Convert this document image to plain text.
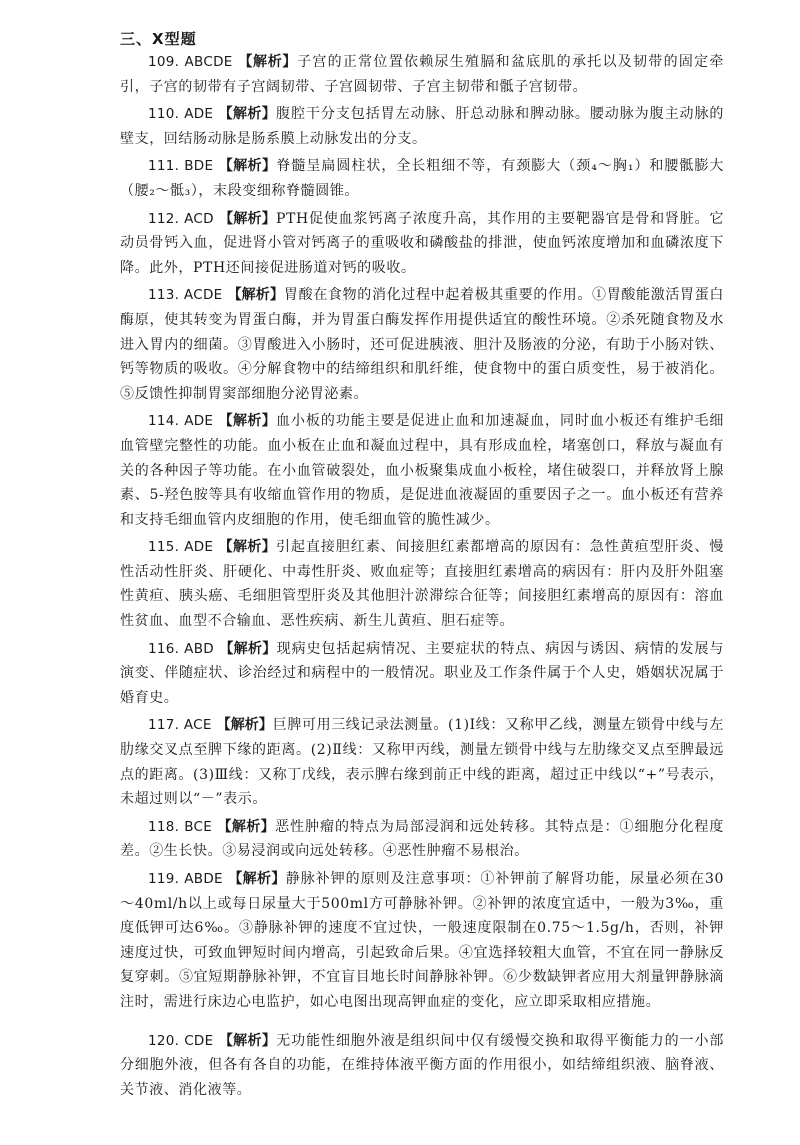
三、X型题

109. ABCDE 【解析】子宫的正常位置依赖尿生殖膈和盆底肌的承托以及韧带的固定牵引，子宫的韧带有子宫阔韧带、子宫圆韧带、子宫主韧带和骶子宫韧带。

110. ADE 【解析】腹腔干分支包括胃左动脉、肝总动脉和脾动脉。腰动脉为腹主动脉的壁支，回结肠动脉是肠系膜上动脉发出的分支。

111. BDE 【解析】脊髓呈扁圆柱状，全长粗细不等，有颈膨大（颈₄～胸₁）和腰骶膨大（腰₂～骶₃），末段变细称脊髓圆锥。

112. ACD 【解析】PTH促使血浆钙离子浓度升高，其作用的主要靶器官是骨和肾脏。它动员骨钙入血，促进肾小管对钙离子的重吸收和磷酸盐的排泄，使血钙浓度增加和血磷浓度下降。此外，PTH还间接促进肠道对钙的吸收。

113. ACDE 【解析】胃酸在食物的消化过程中起着极其重要的作用。①胃酸能激活胃蛋白酶原，使其转变为胃蛋白酶，并为胃蛋白酶发挥作用提供适宜的酸性环境。②杀死随食物及水进入胃内的细菌。③胃酸进入小肠时，还可促进胰液、胆汁及肠液的分泌，有助于小肠对铁、钙等物质的吸收。④分解食物中的结缔组织和肌纤维，使食物中的蛋白质变性，易于被消化。⑤反馈性抑制胃窦部细胞分泌胃泌素。

114. ADE 【解析】血小板的功能主要是促进止血和加速凝血，同时血小板还有维护毛细血管壁完整性的功能。血小板在止血和凝血过程中，具有形成血栓，堵塞创口，释放与凝血有关的各种因子等功能。在小血管破裂处，血小板聚集成血小板栓，堵住破裂口，并释放肾上腺素、5-羟色胺等具有收缩血管作用的物质，是促进血液凝固的重要因子之一。血小板还有营养和支持毛细血管内皮细胞的作用，使毛细血管的脆性减少。

115. ADE 【解析】引起直接胆红素、间接胆红素都增高的原因有：急性黄疸型肝炎、慢性活动性肝炎、肝硬化、中毒性肝炎、败血症等；直接胆红素增高的病因有：肝内及肝外阻塞性黄疸、胰头癌、毛细胆管型肝炎及其他胆汁淤滞综合征等；间接胆红素增高的原因有：溶血性贫血、血型不合输血、恶性疾病、新生儿黄疸、胆石症等。

116. ABD 【解析】现病史包括起病情况、主要症状的特点、病因与诱因、病情的发展与演变、伴随症状、诊治经过和病程中的一般情况。职业及工作条件属于个人史，婚姻状况属于婚育史。

117. ACE 【解析】巨脾可用三线记录法测量。(1)Ⅰ线：又称甲乙线，测量左锁骨中线与左肋缘交叉点至脾下缘的距离。(2)Ⅱ线：又称甲丙线，测量左锁骨中线与左肋缘交叉点至脾最远点的距离。(3)Ⅲ线：又称丁戊线，表示脾右缘到前正中线的距离，超过正中线以“+”号表示，未超过则以“－”表示。

118. BCE 【解析】恶性肿瘤的特点为局部浸润和远处转移。其特点是：①细胞分化程度差。②生长快。③易浸润或向远处转移。④恶性肿瘤不易根治。

119. ABDE 【解析】静脉补钾的原则及注意事项：①补钾前了解肾功能，尿量必须在30～40ml/h以上或每日尿量大于500ml方可静脉补钾。②补钾的浓度宜适中，一般为3‰，重度低钾可达6‰。③静脉补钾的速度不宜过快，一般速度限制在0.75～1.5g/h，否则，补钾速度过快，可致血钾短时间内增高，引起致命后果。④宜选择较粗大血管，不宜在同一静脉反复穿刺。⑤宜短期静脉补钾，不宜盲目地长时间静脉补钾。⑥少数缺钾者应用大剂量钾静脉滴注时，需进行床边心电监护，如心电图出现高钾血症的变化，应立即采取相应措施。

120. CDE 【解析】无功能性细胞外液是组织间中仅有缓慢交换和取得平衡能力的一小部分细胞外液，但各有各自的功能，在维持体液平衡方面的作用很小，如结缔组织液、脑脊液、关节液、消化液等。
